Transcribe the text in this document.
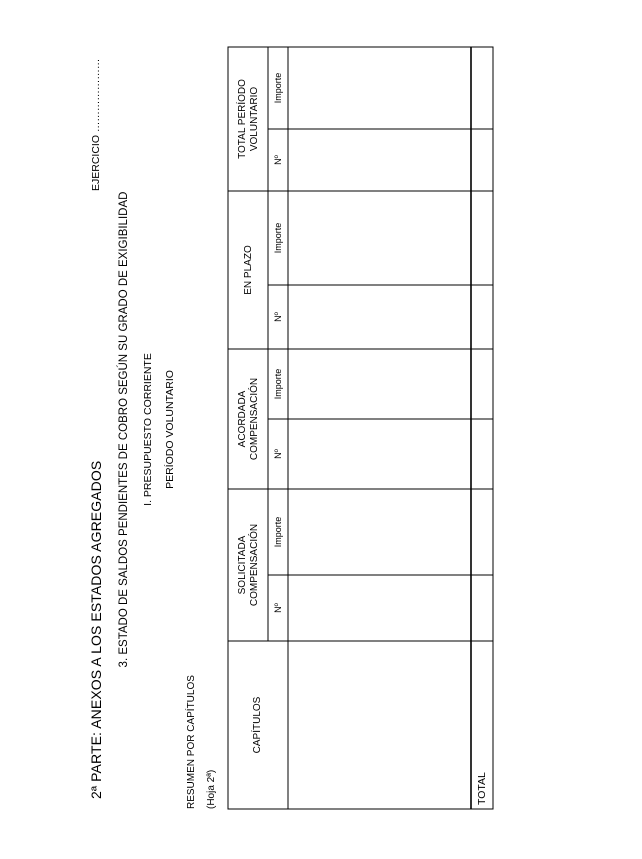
2ª PARTE: ANEXOS A LOS ESTADOS AGREGADOS
EJERCICIO …………………
3. ESTADO DE SALDOS PENDIENTES DE COBRO SEGÚN SU GRADO DE EXIGIBILIDAD I. PRESUPUESTO CORRIENTE PERÍODO VOLUNTARIO
RESUMEN POR CAPÍTULOS (Hoja 2ª)
CAPÍTULOS
SOLICITADA COMPENSACIÓN
ACORDADA COMPENSACIÓN
EN PLAZO
TOTAL PERÍODO VOLUNTARIO
Nº
Importe
Nº
Importe
Nº
Importe
Nº
Importe
TOTAL
